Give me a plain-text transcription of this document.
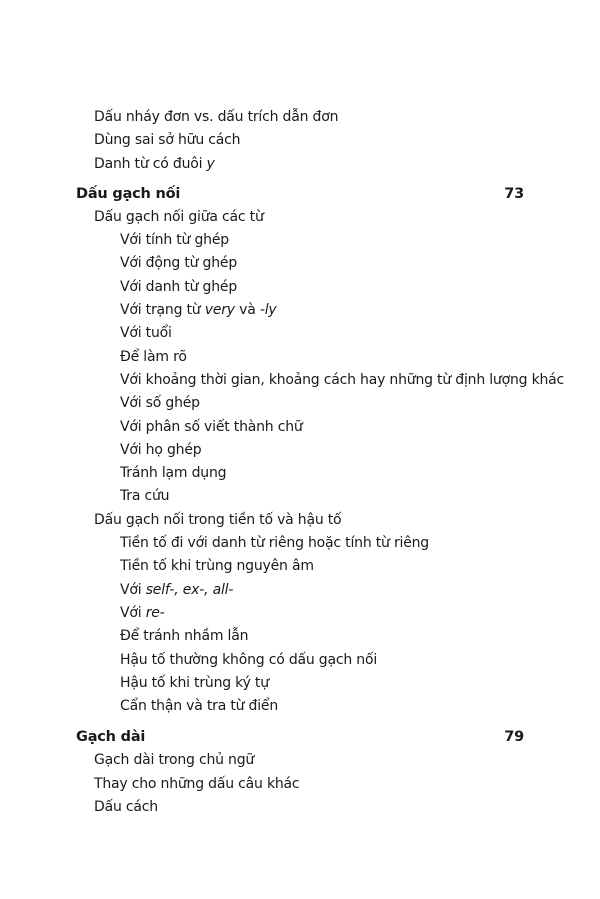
Dấu nháy đơn vs. dấu trích dẫn đơn
Dùng sai sở hữu cách
Danh từ có đuôi y
Dấu gạch nối	73
Dấu gạch nối giữa các từ
Với tính từ ghép
Với động từ ghép
Với danh từ ghép
Với trạng từ very và -ly
Với tuổi
Để làm rõ
Với khoảng thời gian, khoảng cách hay những từ định lượng khác
Với số ghép
Với phân số viết thành chữ
Với họ ghép
Tránh lạm dụng
Tra cứu
Dấu gạch nối trong tiền tố và hậu tố
Tiền tố đi với danh từ riêng hoặc tính từ riêng
Tiền tố khi trùng nguyên âm
Với self-, ex-, all-
Với re-
Để tránh nhầm lẫn
Hậu tố thường không có dấu gạch nối
Hậu tố khi trùng ký tự
Cẩn thận và tra từ điển
Gạch dài	79
Gạch dài trong chủ ngữ
Thay cho những dấu câu khác
Dấu cách
